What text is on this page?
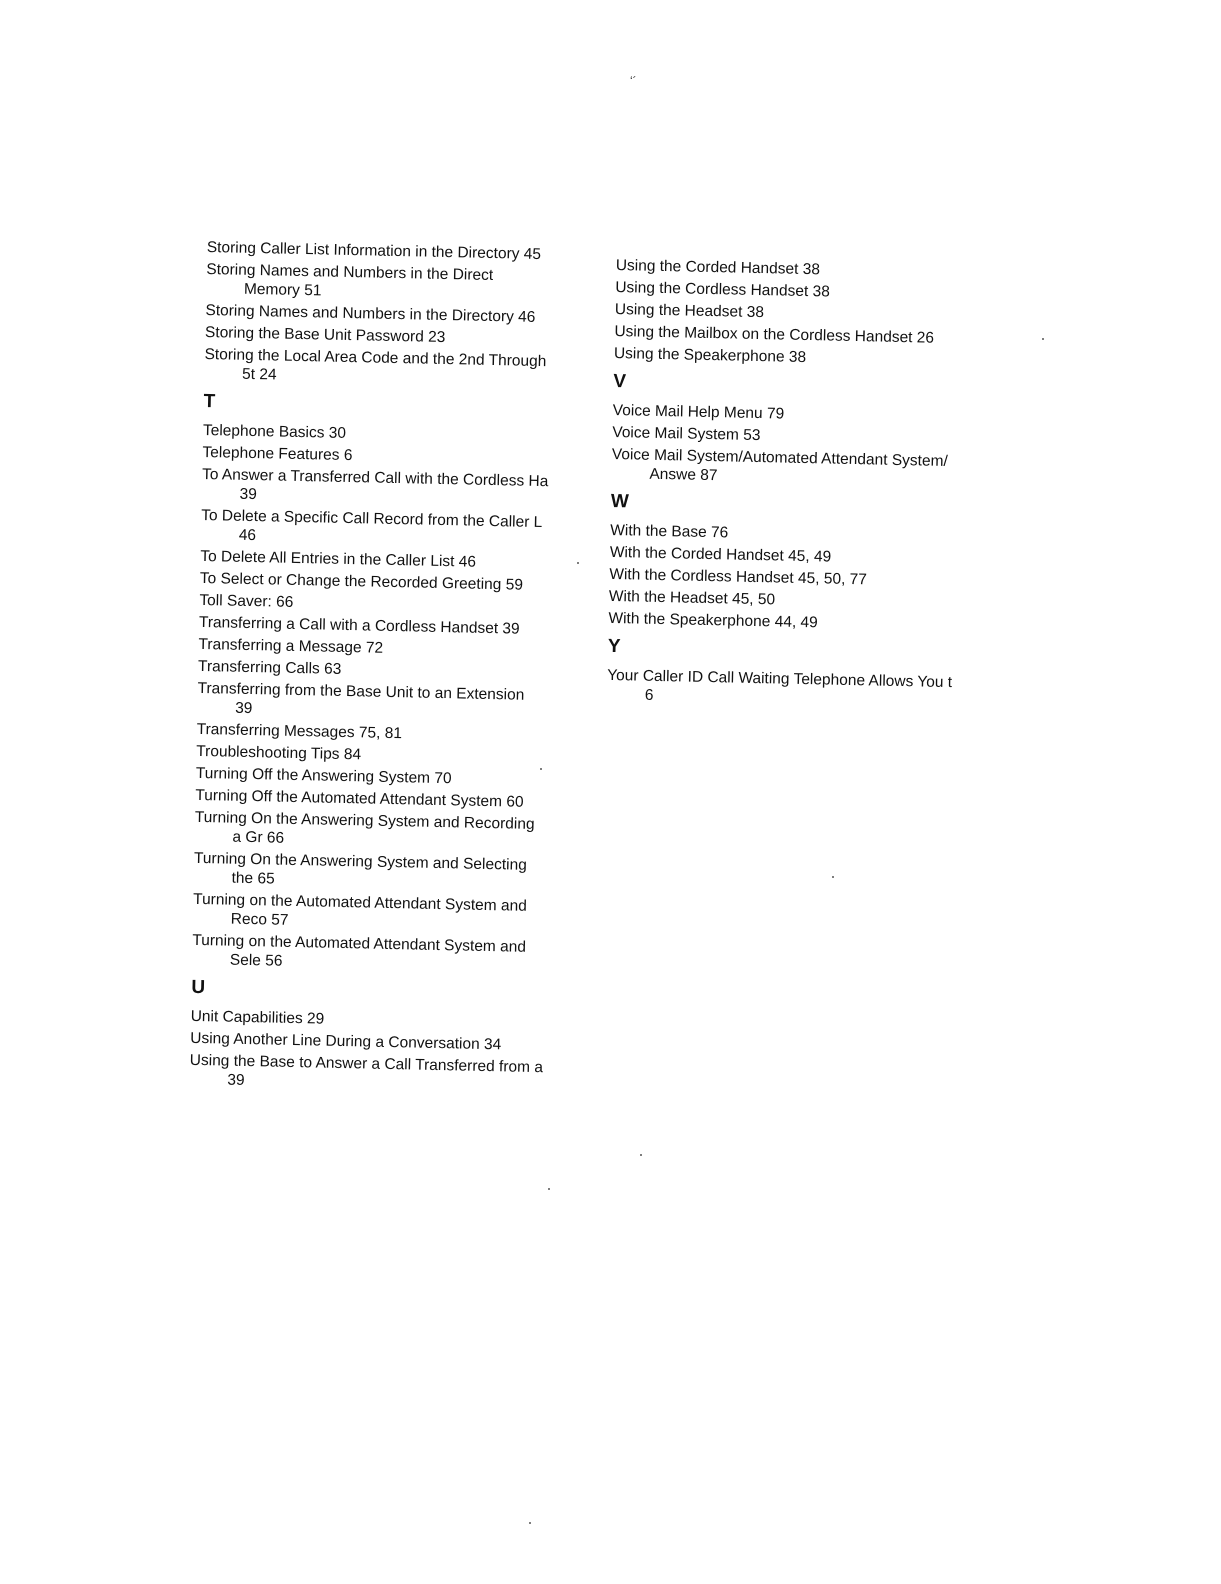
ʻ´
Storing Caller List Information in the Directory 45
Storing Names and Numbers in the Direct
Memory 51
Storing Names and Numbers in the Directory 46
Storing the Base Unit Password 23
Storing the Local Area Code and the 2nd Through
5t 24
T
Telephone Basics 30
Telephone Features 6
To Answer a Transferred Call with the Cordless Ha
39
To Delete a Specific Call Record from the Caller L
46
To Delete All Entries in the Caller List 46
To Select or Change the Recorded Greeting 59
Toll Saver: 66
Transferring a Call with a Cordless Handset 39
Transferring a Message 72
Transferring Calls 63
Transferring from the Base Unit to an Extension
39
Transferring Messages 75, 81
Troubleshooting Tips 84
Turning Off the Answering System 70
Turning Off the Automated Attendant System 60
Turning On the Answering System and Recording
a Gr 66
Turning On the Answering System and Selecting
the 65
Turning on the Automated Attendant System and
Reco 57
Turning on the Automated Attendant System and
Sele 56
U
Unit Capabilities 29
Using Another Line During a Conversation 34
Using the Base to Answer a Call Transferred from a
39
Using the Corded Handset 38
Using the Cordless Handset 38
Using the Headset 38
Using the Mailbox on the Cordless Handset 26
Using the Speakerphone 38
V
Voice Mail Help Menu 79
Voice Mail System 53
Voice Mail System/Automated Attendant System/
Answe 87
W
With the Base 76
With the Corded Handset 45, 49
With the Cordless Handset 45, 50, 77
With the Headset 45, 50
With the Speakerphone 44, 49
Y
Your Caller ID Call Waiting Telephone Allows You t
6
